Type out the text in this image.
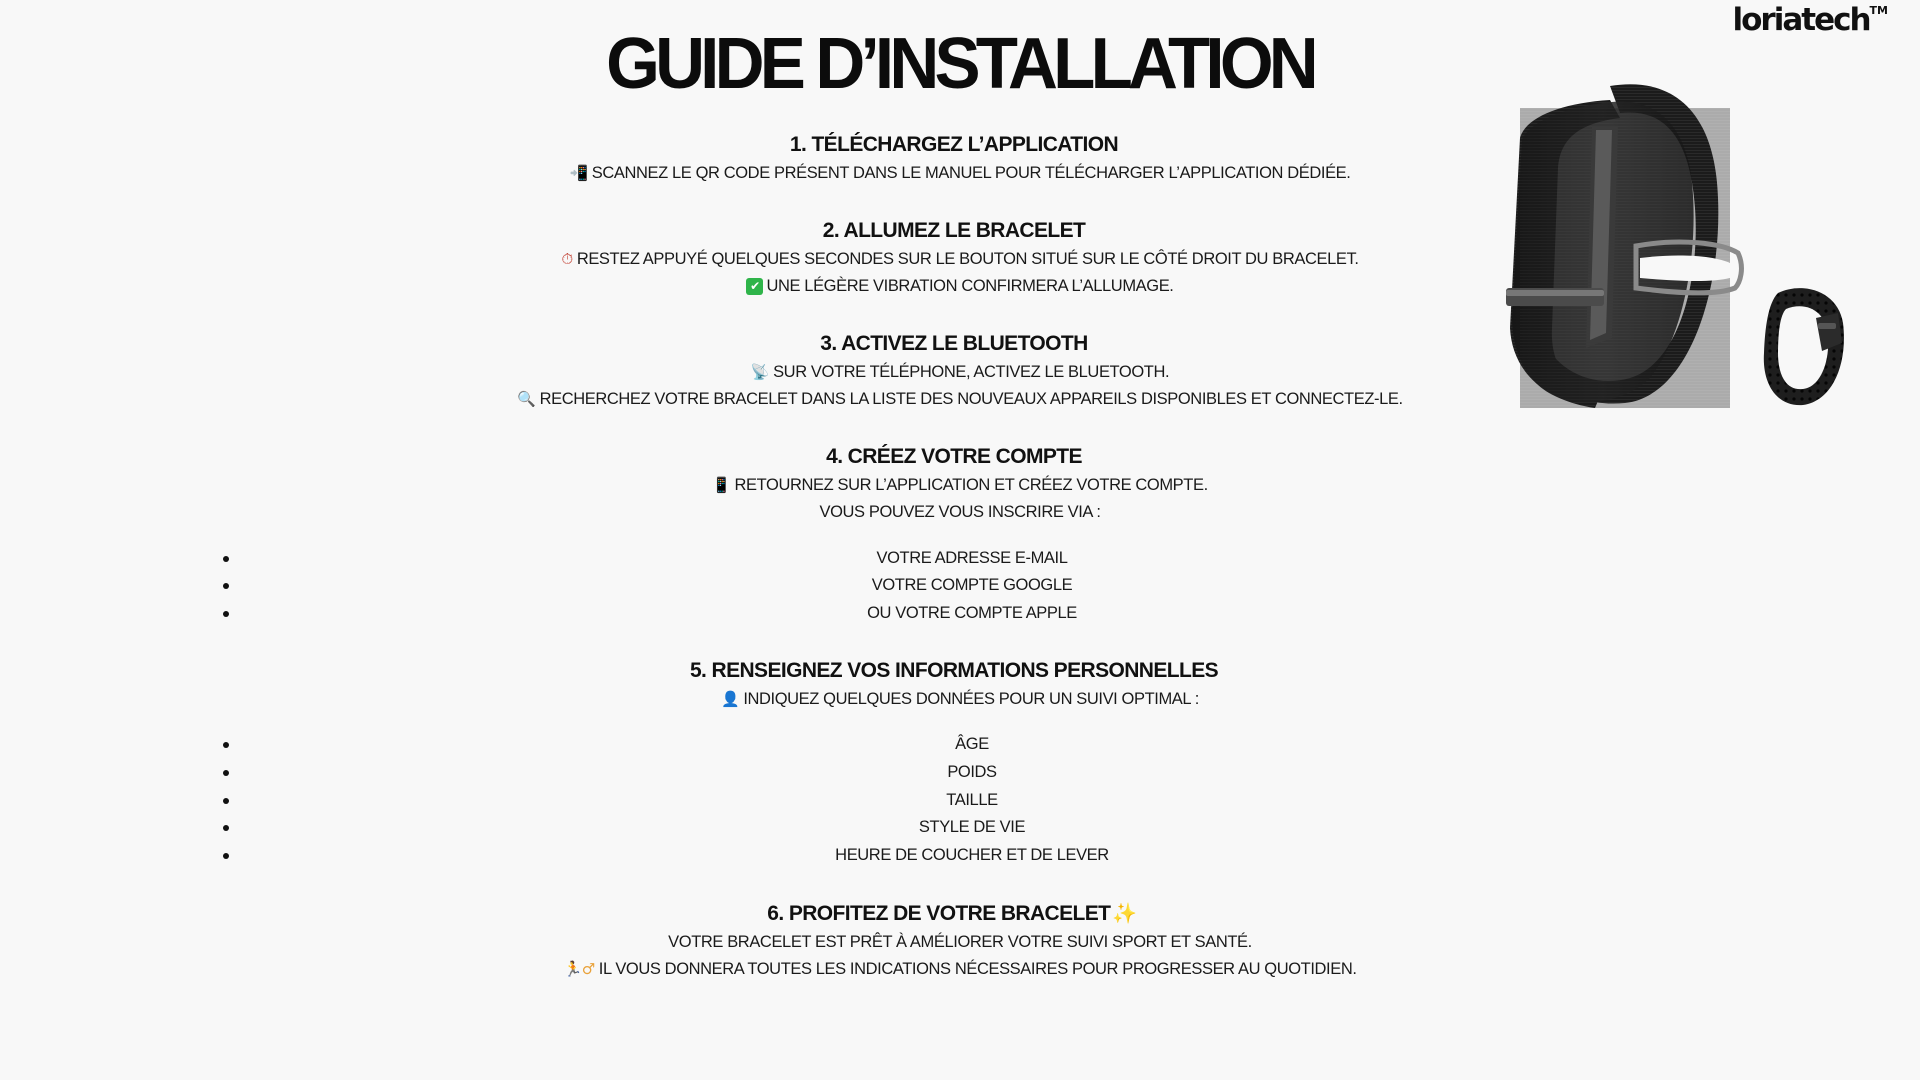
GUIDE D’INSTALLATION
loriatech™
1. TÉLÉCHARGEZ L’APPLICATION
📲 SCANNEZ LE QR CODE PRÉSENT DANS LE MANUEL POUR TÉLÉCHARGER L’APPLICATION DÉDIÉE.
2. ALLUMEZ LE BRACELET
⏱ RESTEZ APPUYÉ QUELQUES SECONDES SUR LE BOUTON SITUÉ SUR LE CÔTÉ DROIT DU BRACELET.
✔ UNE LÉGÈRE VIBRATION CONFIRMERA L’ALLUMAGE.
3. ACTIVEZ LE BLUETOOTH
📡 SUR VOTRE TÉLÉPHONE, ACTIVEZ LE BLUETOOTH.
🔍 RECHERCHEZ VOTRE BRACELET DANS LA LISTE DES NOUVEAUX APPAREILS DISPONIBLES ET CONNECTEZ-LE.
4. CRÉEZ VOTRE COMPTE
📱 RETOURNEZ SUR L’APPLICATION ET CRÉEZ VOTRE COMPTE.
VOUS POUVEZ VOUS INSCRIRE VIA :
VOTRE ADRESSE E-MAIL
VOTRE COMPTE GOOGLE
OU VOTRE COMPTE APPLE
5. RENSEIGNEZ VOS INFORMATIONS PERSONNELLES
👤 INDIQUEZ QUELQUES DONNÉES POUR UN SUIVI OPTIMAL :
ÂGE
POIDS
TAILLE
STYLE DE VIE
HEURE DE COUCHER ET DE LEVER
6. PROFITEZ DE VOTRE BRACELET ✨
VOTRE BRACELET EST PRÊT À AMÉLIORER VOTRE SUIVI SPORT ET SANTÉ.
🏃♂ IL VOUS DONNERA TOUTES LES INDICATIONS NÉCESSAIRES POUR PROGRESSER AU QUOTIDIEN.
